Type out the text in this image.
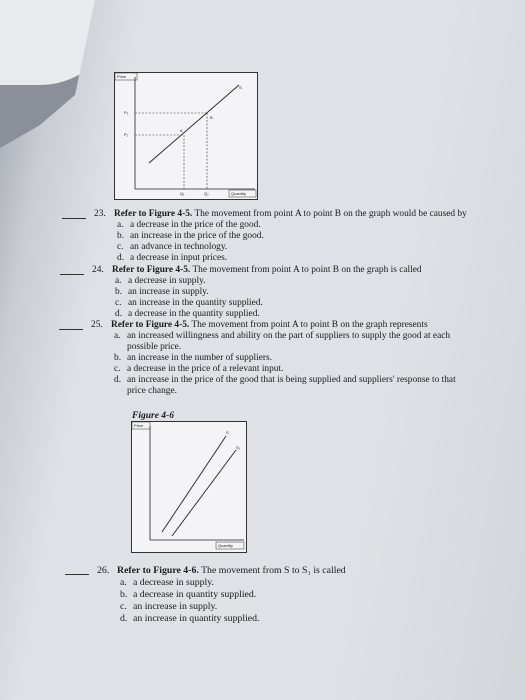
Price
S
A
B
P₂
P₁
Q₁	Q₂	Quantity
23. Refer to Figure 4-5. The movement from point A to point B on the graph would be caused by
a. a decrease in the price of the good.
b. an increase in the price of the good.
c. an advance in technology.
d. a decrease in input prices.
24. Refer to Figure 4-5. The movement from point A to point B on the graph is called
a. a decrease in supply.
b. an increase in supply.
c. an increase in the quantity supplied.
d. a decrease in the quantity supplied.
25. Refer to Figure 4-5. The movement from point A to point B on the graph represents
a. an increased willingness and ability on the part of suppliers to supply the good at each
possible price.
b. an increase in the number of suppliers.
c. a decrease in the price of a relevant input.
d. an increase in the price of the good that is being supplied and suppliers' response to that
price change.
Figure 4-6
Price
S
S₁
Quantity
26. Refer to Figure 4-6. The movement from S to S₁ is called
a. a decrease in supply.
b. a decrease in quantity supplied.
c. an increase in supply.
d. an increase in quantity supplied.
